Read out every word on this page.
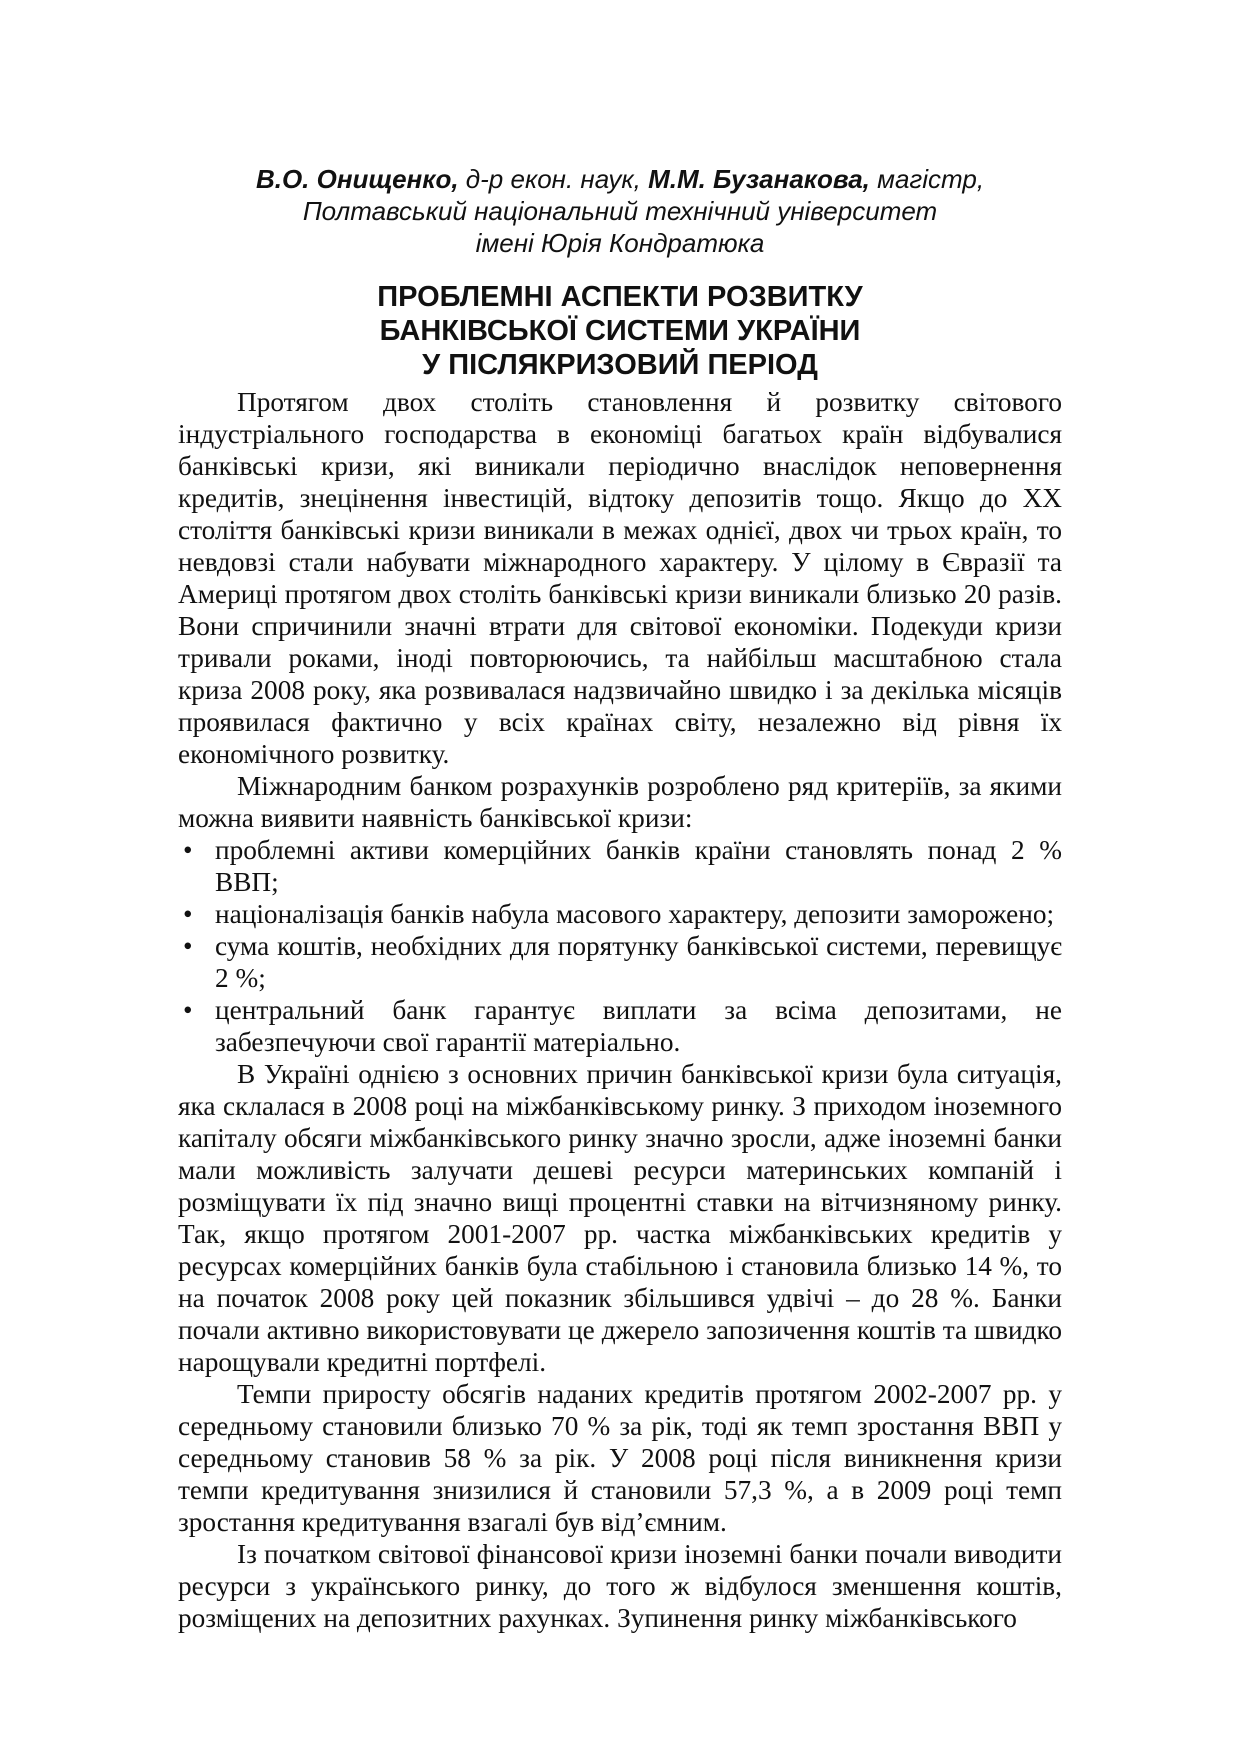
В.О. Онищенко, д-р екон. наук, М.М. Бузанакова, магістр,
Полтавський національний технічний університет
імені Юрія Кондратюка
ПРОБЛЕМНІ АСПЕКТИ РОЗВИТКУ
БАНКІВСЬКОЇ СИСТЕМИ УКРАЇНИ
У ПІСЛЯКРИЗОВИЙ ПЕРІОД

Протягом двох століть становлення й розвитку світового індустріального господарства в економіці багатьох країн відбувалися банківські кризи, які виникали періодично внаслідок неповернення кредитів, знецінення інвестицій, відтоку депозитів тощо. Якщо до XX століття банківські кризи виникали в межах однієї, двох чи трьох країн, то невдовзі стали набувати міжнародного характеру. У цілому в Євразії та Америці протягом двох століть банківські кризи виникали близько 20 разів. Вони спричинили значні втрати для світової економіки. Подекуди кризи тривали роками, іноді повторюючись, та найбільш масштабною стала криза 2008 року, яка розвивалася надзвичайно швидко і за декілька місяців проявилася фактично у всіх країнах світу, незалежно від рівня їх економічного розвитку.

Міжнародним банком розрахунків розроблено ряд критеріїв, за якими можна виявити наявність банківської кризи:

• проблемні активи комерційних банків країни становлять понад 2 % ВВП;
• націоналізація банків набула масового характеру, депозити заморожено;
• сума коштів, необхідних для порятунку банківської системи, перевищує 2 %;
• центральний банк гарантує виплати за всіма депозитами, не забезпечуючи свої гарантії матеріально.

В Україні однією з основних причин банківської кризи була ситуація, яка склалася в 2008 році на міжбанківському ринку. З приходом іноземного капіталу обсяги міжбанківського ринку значно зросли, адже іноземні банки мали можливість залучати дешеві ресурси материнських компаній і розміщувати їх під значно вищі процентні ставки на вітчизняному ринку. Так, якщо протягом 2001-2007 рр. частка міжбанківських кредитів у ресурсах комерційних банків була стабільною і становила близько 14 %, то на початок 2008 року цей показник збільшився удвічі – до 28 %. Банки почали активно використовувати це джерело запозичення коштів та швидко нарощували кредитні портфелі.

Темпи приросту обсягів наданих кредитів протягом 2002-2007 рр. у середньому становили близько 70 % за рік, тоді як темп зростання ВВП у середньому становив 58 % за рік. У 2008 році після виникнення кризи темпи кредитування знизилися й становили 57,3 %, а в 2009 році темп зростання кредитування взагалі був від’ємним.

Із початком світової фінансової кризи іноземні банки почали виводити ресурси з українського ринку, до того ж відбулося зменшення коштів, розміщених на депозитних рахунках. Зупинення ринку міжбанківського
